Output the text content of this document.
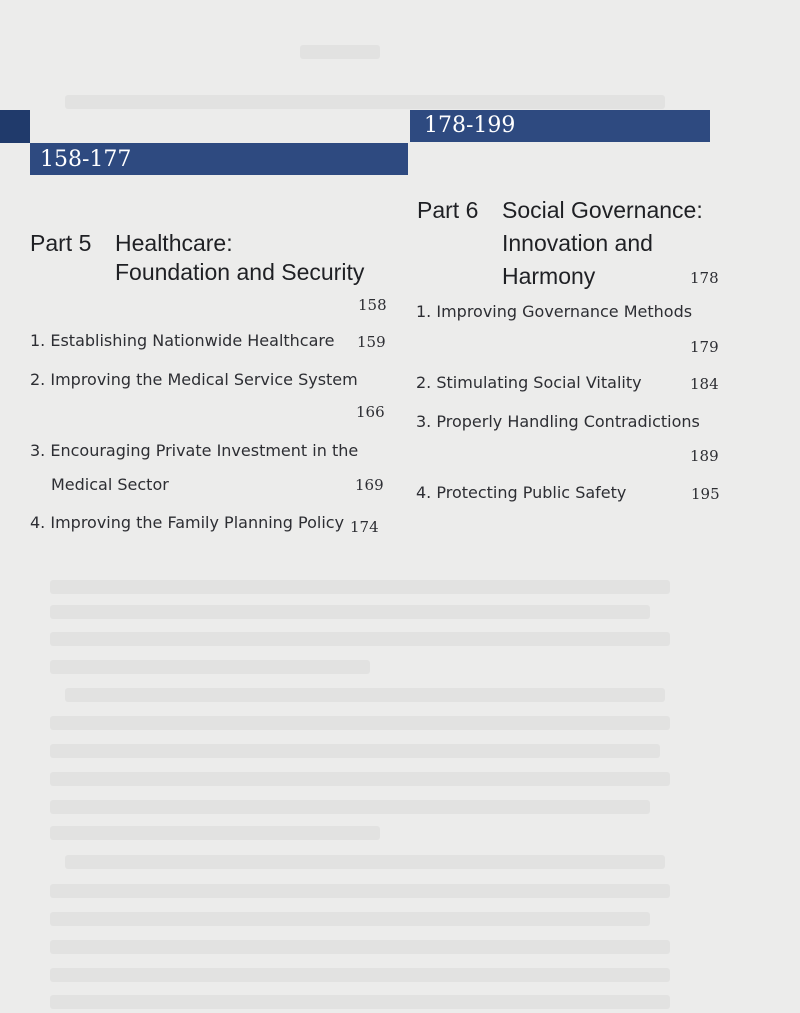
158-177
178-199
Part 5 Healthcare:
Foundation and Security
158
1. Establishing Nationwide Healthcare 159
2. Improving the Medical Service System
166
3. Encouraging Private Investment in the
Medical Sector	169
4. Improving the Family Planning Policy 174
Part 6 Social Governance:
Innovation and
Harmony	178
1. Improving Governance Methods
179
2. Stimulating Social Vitality	184
3. Properly Handling Contradictions
189
4. Protecting Public Safety	195
